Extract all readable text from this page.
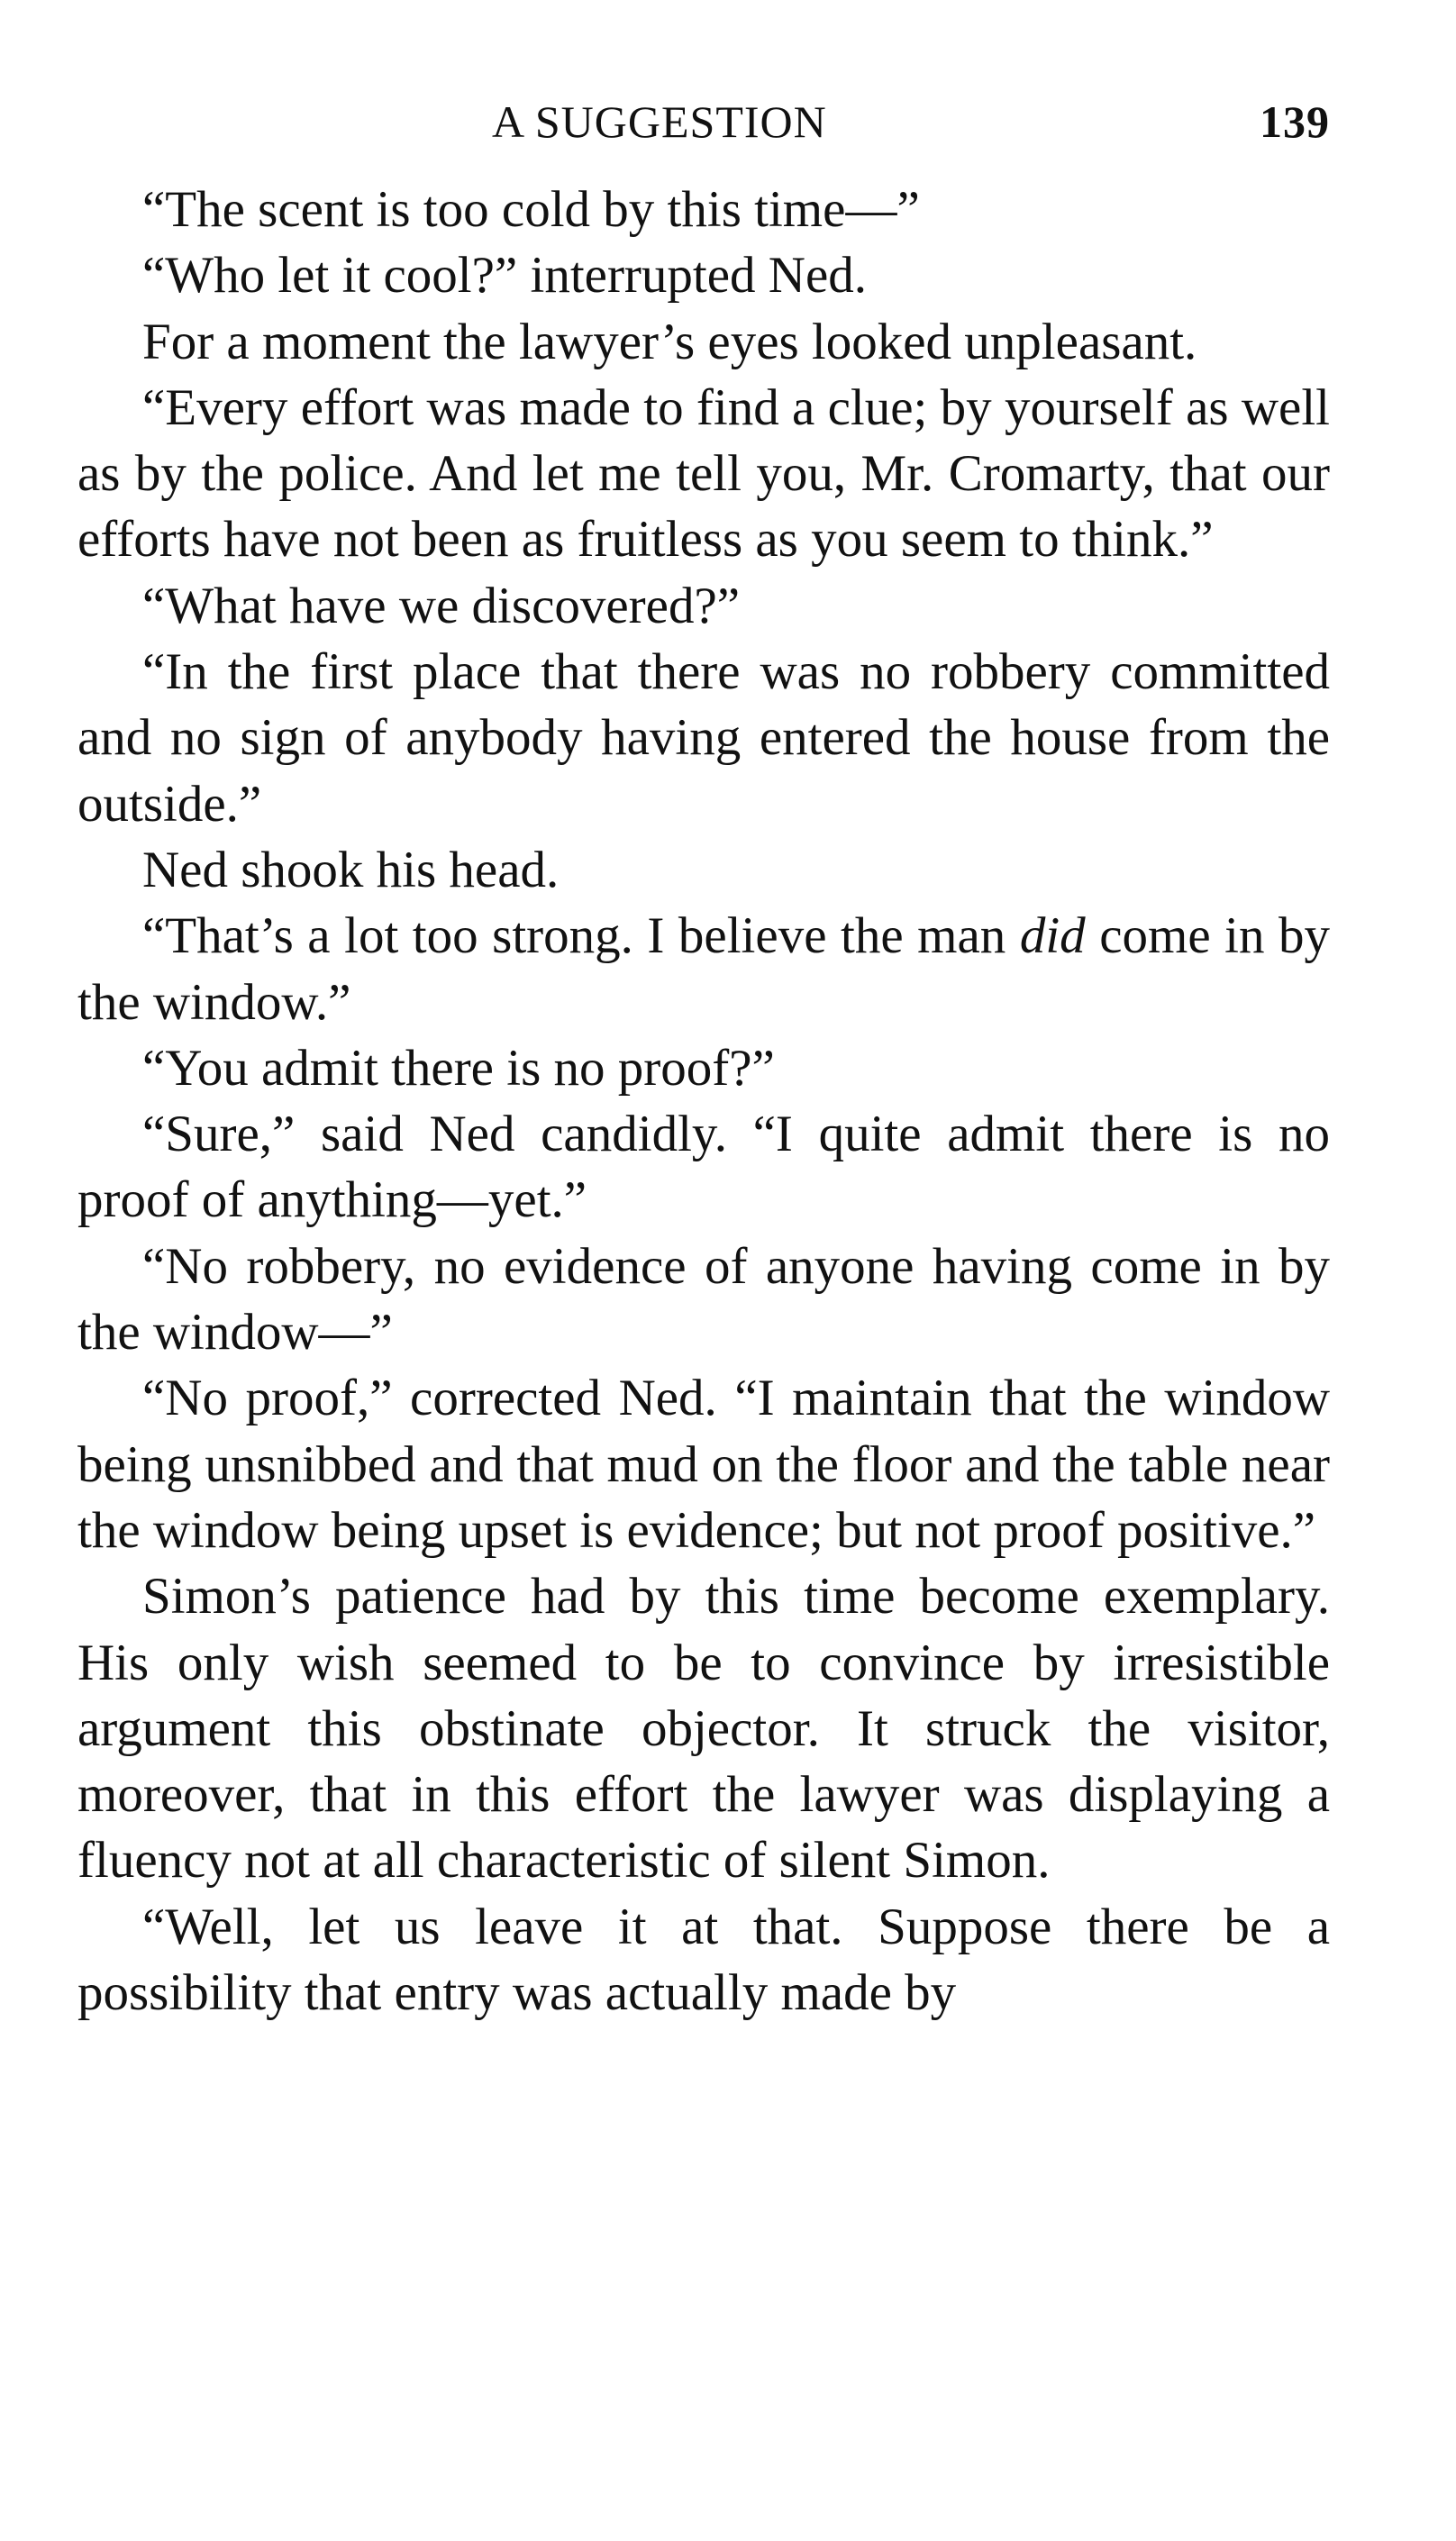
A SUGGESTION	139

“The scent is too cold by this time—”

“Who let it cool?” interrupted Ned.

For a moment the lawyer’s eyes looked unpleasant.

“Every effort was made to find a clue; by yourself as well as by the police. And let me tell you, Mr. Cromarty, that our efforts have not been as fruitless as you seem to think.”

“What have we discovered?”

“In the first place that there was no robbery committed and no sign of anybody having entered the house from the outside.”

Ned shook his head.

“That’s a lot too strong. I believe the man did come in by the window.”

“You admit there is no proof?”

“Sure,” said Ned candidly. “I quite admit there is no proof of anything—yet.”

“No robbery, no evidence of anyone having come in by the window—”

“No proof,” corrected Ned. “I maintain that the window being unsnibbed and that mud on the floor and the table near the window being upset is evidence; but not proof positive.”

Simon’s patience had by this time become exemplary. His only wish seemed to be to convince by irresistible argument this obstinate objector. It struck the visitor, moreover, that in this effort the lawyer was displaying a fluency not at all characteristic of silent Simon.

“Well, let us leave it at that. Suppose there be a possibility that entry was actually made by
